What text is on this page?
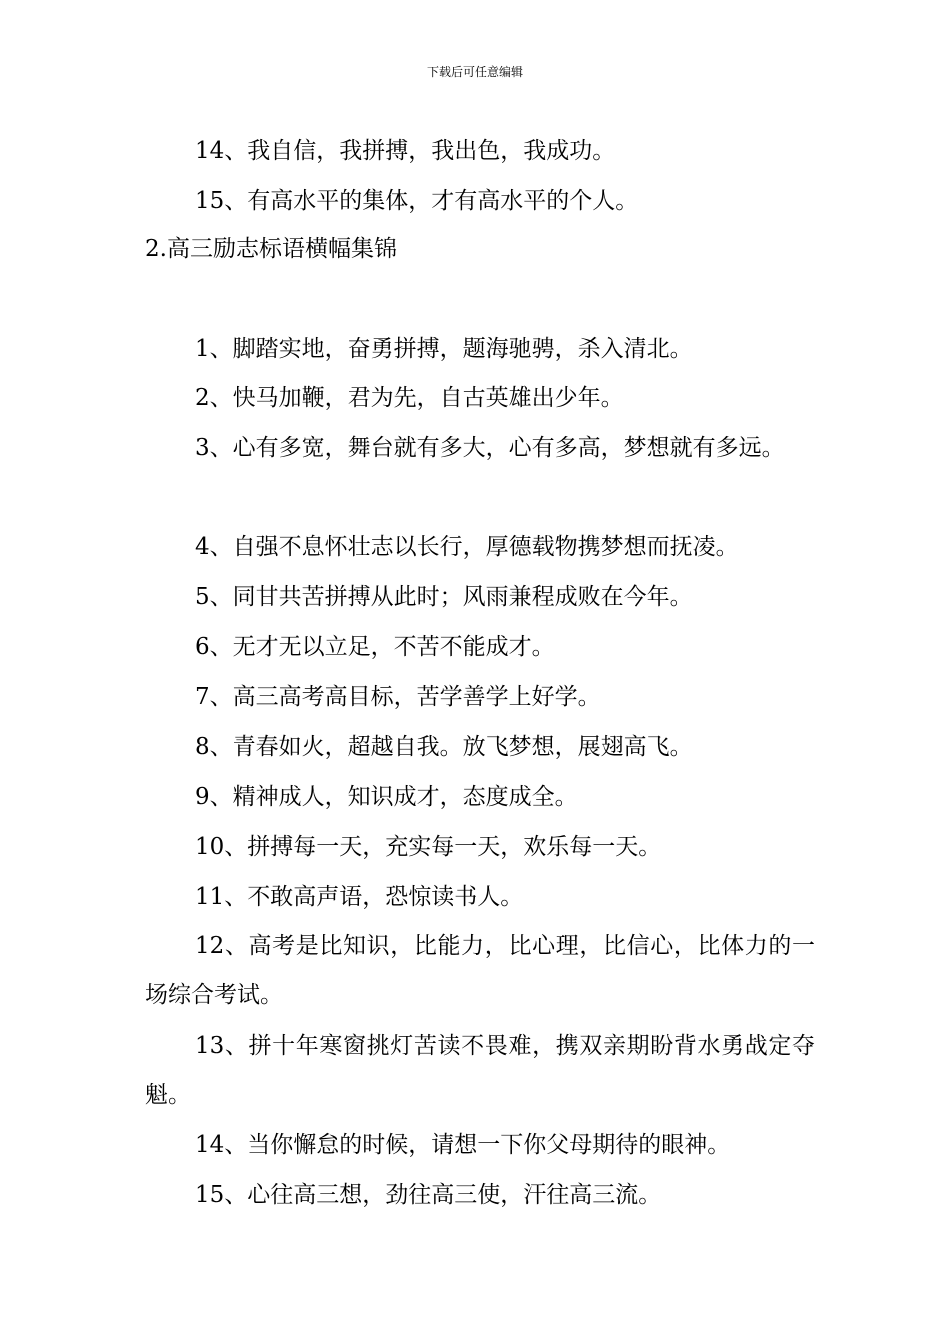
下载后可任意编辑
14、我自信，我拼搏，我出色，我成功。
15、有高水平的集体，才有高水平的个人。
2.高三励志标语横幅集锦
1、脚踏实地，奋勇拼搏，题海驰骋，杀入清北。
2、快马加鞭，君为先，自古英雄出少年。
3、心有多宽，舞台就有多大，心有多高，梦想就有多远。
4、自强不息怀壮志以长行，厚德载物携梦想而抚凌。
5、同甘共苦拼搏从此时；风雨兼程成败在今年。
6、无才无以立足，不苦不能成才。
7、高三高考高目标，苦学善学上好学。
8、青春如火，超越自我。放飞梦想，展翅高飞。
9、精神成人，知识成才，态度成全。
10、拼搏每一天，充实每一天，欢乐每一天。
11、不敢高声语，恐惊读书人。
12、高考是比知识，比能力，比心理，比信心，比体力的一场综合考试。
13、拼十年寒窗挑灯苦读不畏难，携双亲期盼背水勇战定夺魁。
14、当你懈怠的时候，请想一下你父母期待的眼神。
15、心往高三想，劲往高三使，汗往高三流。
